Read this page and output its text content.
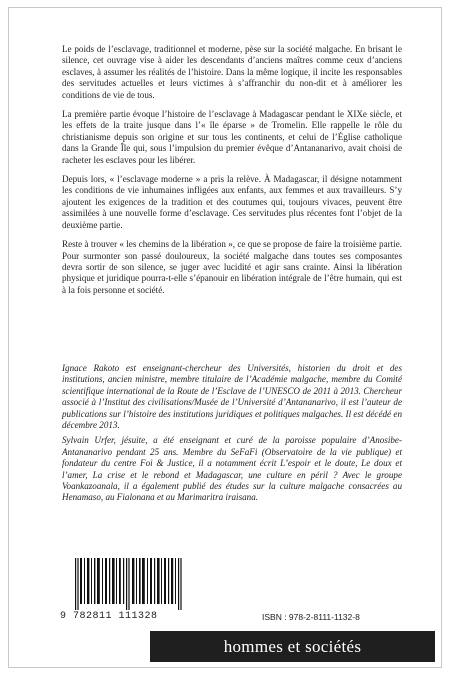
Le poids de l’esclavage, traditionnel et moderne, pèse sur la société malgache. En brisant le silence, cet ouvrage vise à aider les descendants d’anciens maîtres comme ceux d’anciens esclaves, à assumer les réalités de l’histoire. Dans la même logique, il incite les responsables des servitudes actuelles et leurs victimes à s’affranchir du non-dit et à améliorer les conditions de vie de tous.

La première partie évoque l’histoire de l’esclavage à Madagascar pendant le XIXe siècle, et les effets de la traite jusque dans l’« île éparse » de Tromelin. Elle rappelle le rôle du christianisme depuis son origine et sur tous les continents, et celui de l’Église catholique dans la Grande Île qui, sous l’impulsion du premier évêque d’Antananarivo, avait choisi de racheter les esclaves pour les libérer.

Depuis lors, « l’esclavage moderne » a pris la relève. À Madagascar, il désigne notamment les conditions de vie inhumaines infligées aux enfants, aux femmes et aux travailleurs. S’y ajoutent les exigences de la tradition et des coutumes qui, toujours vivaces, peuvent être assimilées à une nouvelle forme d’esclavage. Ces servitudes plus récentes font l’objet de la deuxième partie.

Reste à trouver « les chemins de la libération », ce que se propose de faire la troisième partie. Pour surmonter son passé douloureux, la société malgache dans toutes ses composantes devra sortir de son silence, se juger avec lucidité et agir sans crainte. Ainsi la libération physique et juridique pourra-t-elle s’épanouir en libération intégrale de l’être humain, qui est à la fois personne et société.

Ignace Rakoto est enseignant-chercheur des Universités, historien du droit et des institutions, ancien ministre, membre titulaire de l’Académie malgache, membre du Comité scientifique international de la Route de l’Esclave de l’UNESCO de 2011 à 2013. Chercheur associé à l’Institut des civilisations/Musée de l’Université d’Antananarivo, il est l’auteur de publications sur l’histoire des institutions juridiques et politiques malgaches. Il est décédé en décembre 2013.

Sylvain Urfer, jésuite, a été enseignant et curé de la paroisse populaire d’Anosibe-Antananarivo pendant 25 ans. Membre du SeFaFi (Observatoire de la vie publique) et fondateur du centre Foi & Justice, il a notamment écrit L’espoir et le doute, Le doux et l’amer, La crise et le rebond et Madagascar, une culture en péril ? Avec le groupe Voankazoanala, il a également publié des études sur la culture malgache consacrées au Henamaso, au Fialonana et au Marimaritra iraisana.

9 782811 111328	ISBN : 978-2-8111-1132-8
hommes et sociétés
